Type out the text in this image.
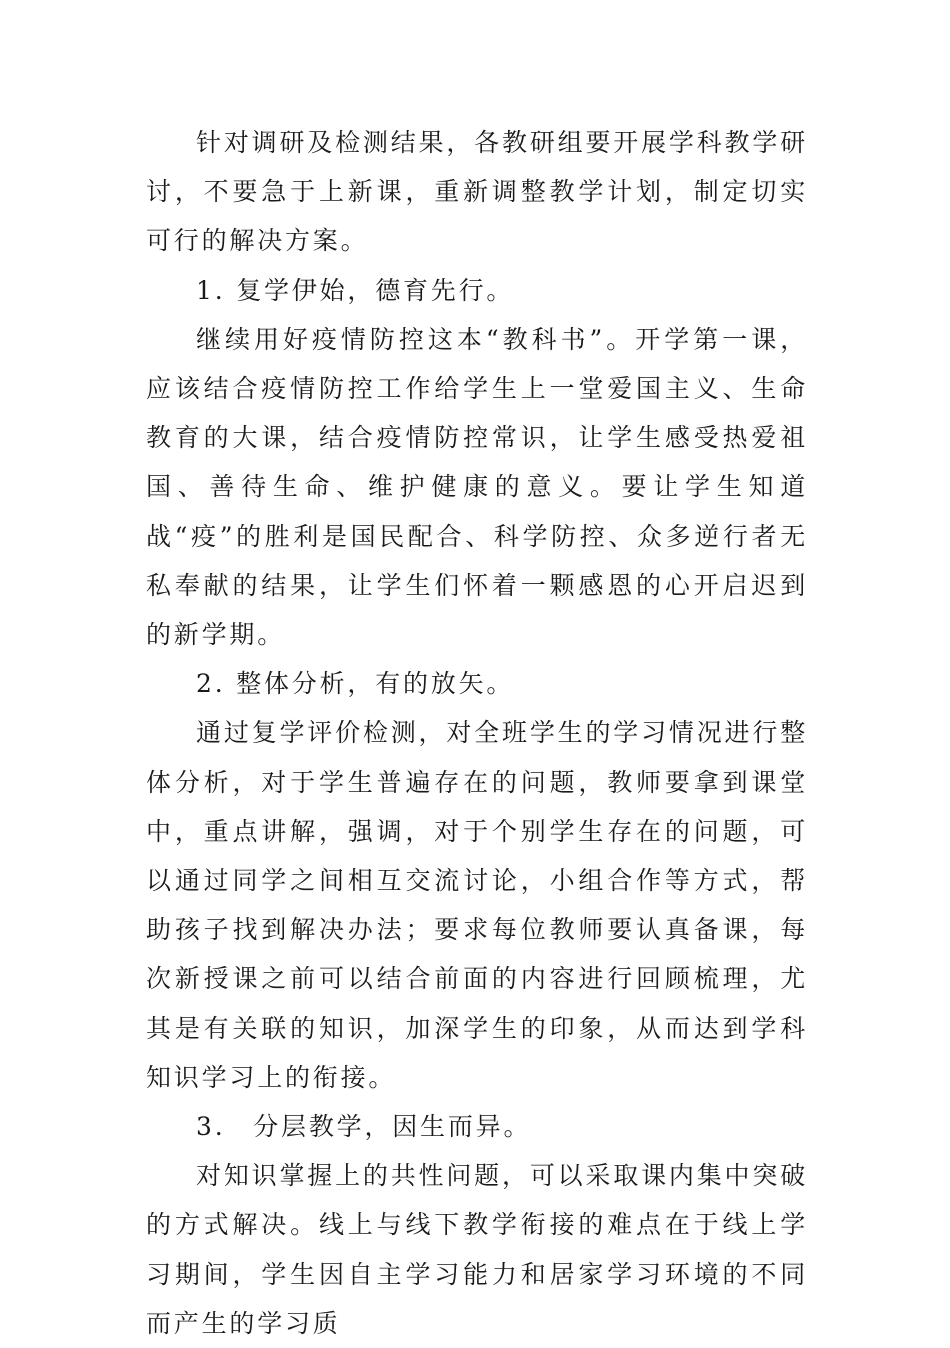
针对调研及检测结果，各教研组要开展学科教学研讨，不要急于上新课，重新调整教学计划，制定切实可行的解决方案。

1. 复学伊始，德育先行。

继续用好疫情防控这本“教科书”。开学第一课，应该结合疫情防控工作给学生上一堂爱国主义、生命教育的大课，结合疫情防控常识，让学生感受热爱祖国、善待生命、维护健康的意义。要让学生知道战“疫”的胜利是国民配合、科学防控、众多逆行者无私奉献的结果，让学生们怀着一颗感恩的心开启迟到的新学期。

2. 整体分析，有的放矢。

通过复学评价检测，对全班学生的学习情况进行整体分析，对于学生普遍存在的问题，教师要拿到课堂中，重点讲解，强调，对于个别学生存在的问题，可以通过同学之间相互交流讨论，小组合作等方式，帮助孩子找到解决办法；要求每位教师要认真备课，每次新授课之前可以结合前面的内容进行回顾梳理，尤其是有关联的知识，加深学生的印象，从而达到学科知识学习上的衔接。

3.　分层教学，因生而异。

对知识掌握上的共性问题，可以采取课内集中突破的方式解决。线上与线下教学衔接的难点在于线上学习期间，学生因自主学习能力和居家学习环境的不同而产生的学习质
